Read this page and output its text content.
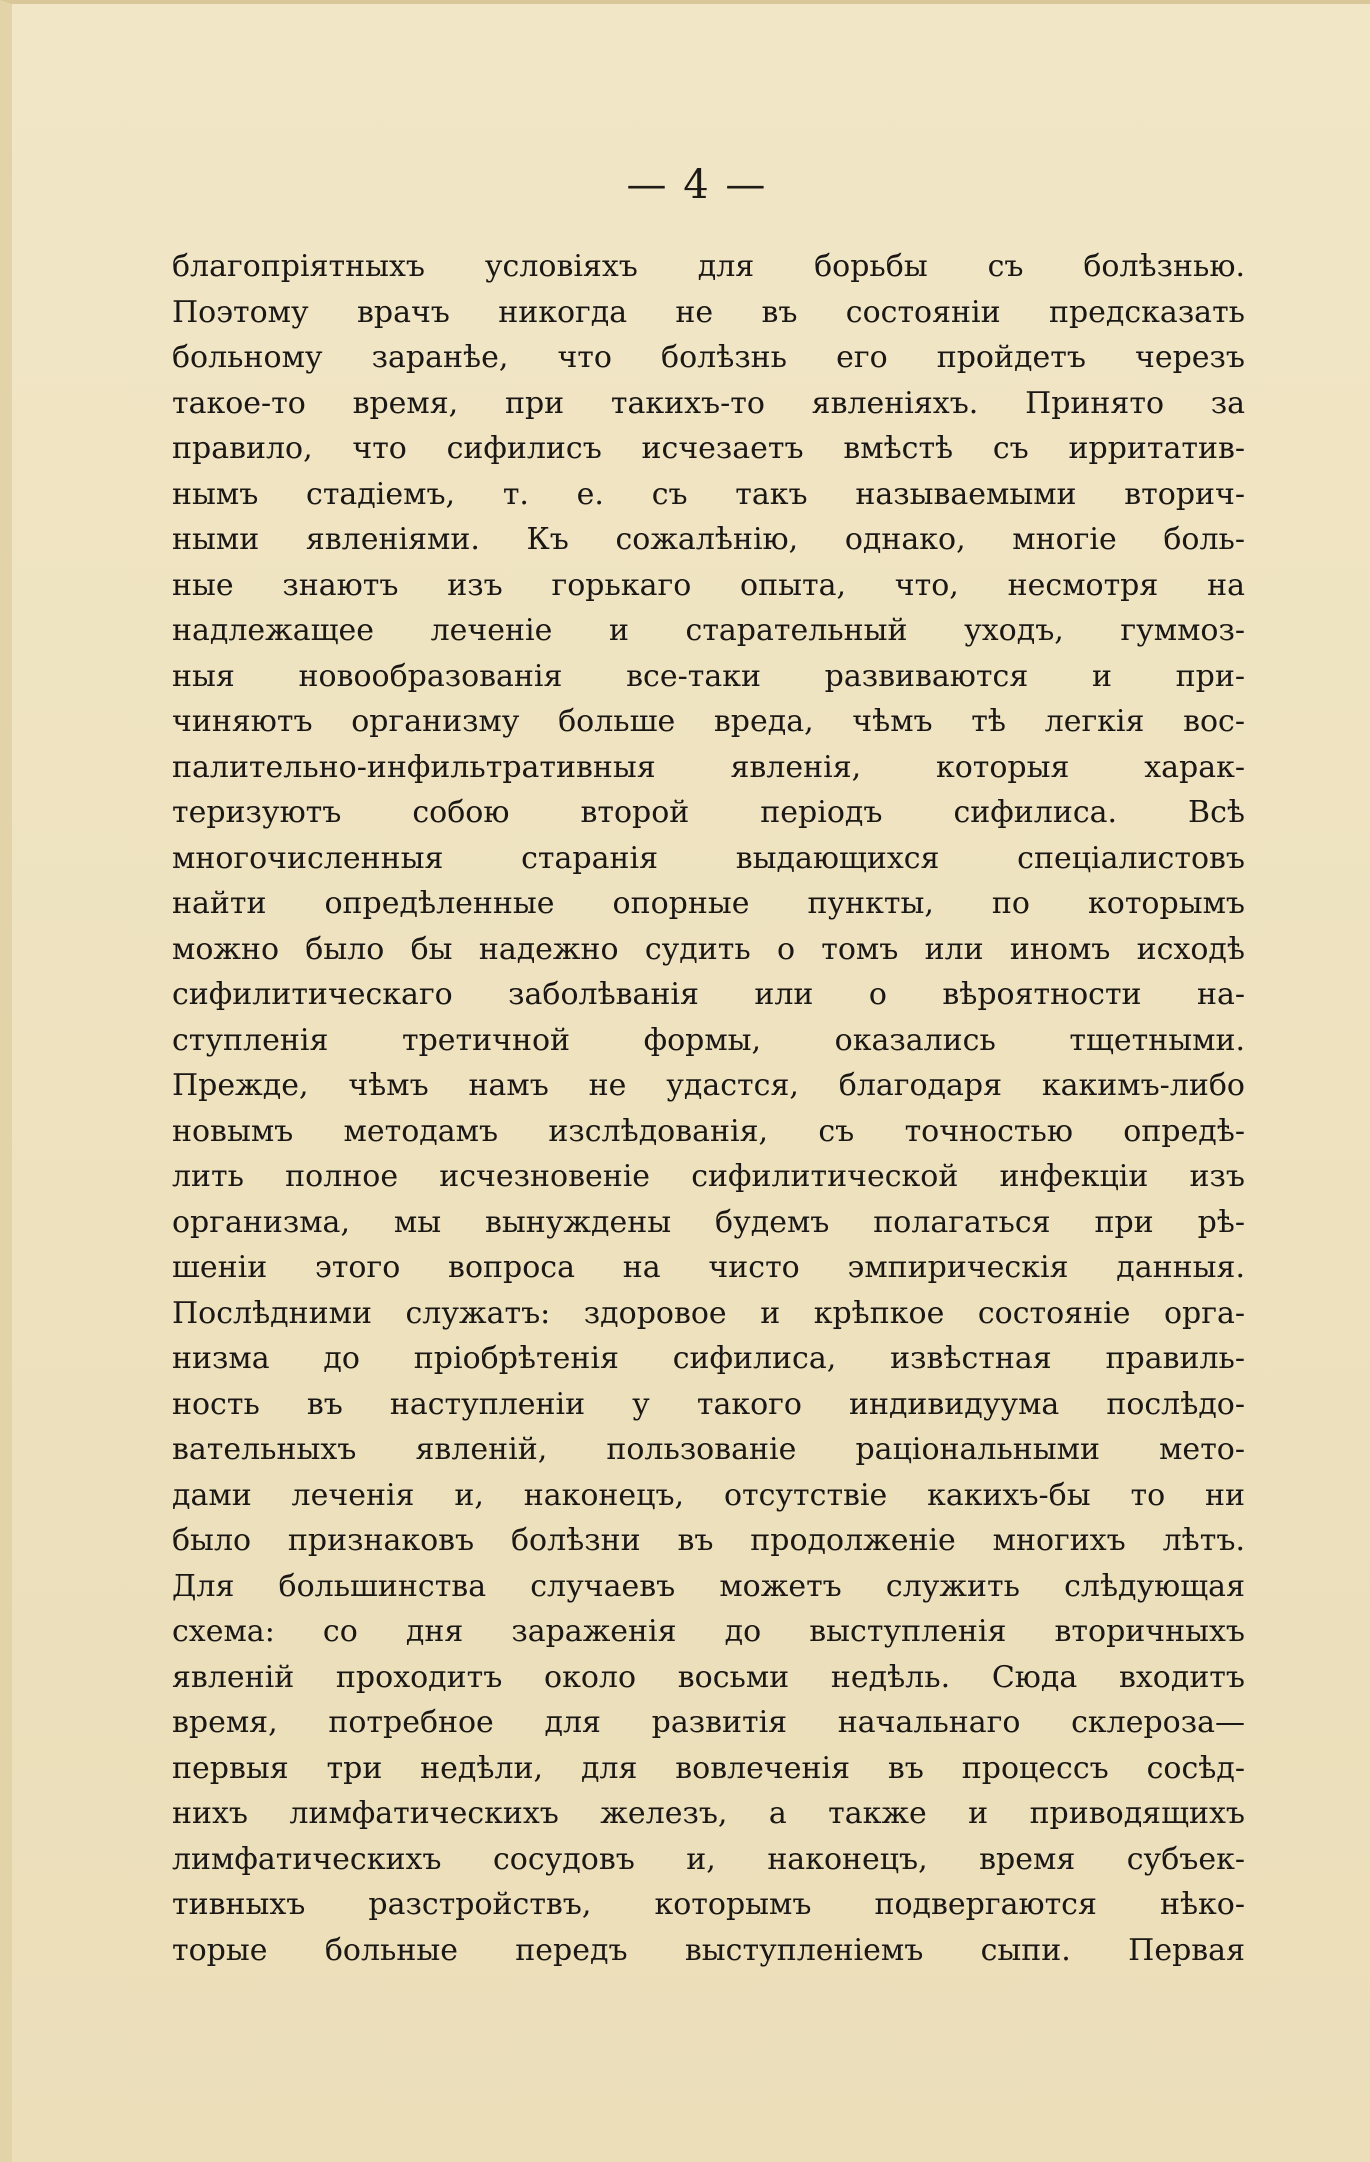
— 4 —
благопріятныхъ условіяхъ для борьбы съ болѣзнью.
Поэтому врачъ никогда не въ состояніи предсказать
больному заранѣе, что болѣзнь его пройдетъ черезъ
такое-то время, при такихъ-то явленіяхъ. Принято за
правило, что сифилисъ исчезаетъ вмѣстѣ съ ирритатив-
нымъ стадіемъ, т. е. съ такъ называемыми вторич-
ными явленіями. Къ сожалѣнію, однако, многіе боль-
ные знаютъ изъ горькаго опыта, что, несмотря на
надлежащее леченіе и старательный уходъ, гуммоз-
ныя новообразованія все-таки развиваются и при-
чиняютъ организму больше вреда, чѣмъ тѣ легкія вос-
палительно-инфильтративныя явленія, которыя харак-
теризуютъ собою второй періодъ сифилиса. Всѣ
многочисленныя старанія выдающихся спеціалистовъ
найти опредѣленные опорные пункты, по которымъ
можно было бы надежно судить о томъ или иномъ исходѣ
сифилитическаго заболѣванія или о вѣроятности на-
ступленія третичной формы, оказались тщетными.
Прежде, чѣмъ намъ не удастся, благодаря какимъ-либо
новымъ методамъ изслѣдованія, съ точностью опредѣ-
лить полное исчезновеніе сифилитической инфекціи изъ
организма, мы вынуждены будемъ полагаться при рѣ-
шеніи этого вопроса на чисто эмпирическія данныя.
Послѣдними служатъ: здоровое и крѣпкое состояніе орга-
низма до пріобрѣтенія сифилиса, извѣстная правиль-
ность въ наступленіи у такого индивидуума послѣдо-
вательныхъ явленій, пользованіе раціональными мето-
дами леченія и, наконецъ, отсутствіе какихъ-бы то ни
было признаковъ болѣзни въ продолженіе многихъ лѣтъ.
Для большинства случаевъ можетъ служить слѣдующая
схема: со дня зараженія до выступленія вторичныхъ
явленій проходитъ около восьми недѣль. Сюда входитъ
время, потребное для развитія начальнаго склероза—
первыя три недѣли, для вовлеченія въ процессъ сосѣд-
нихъ лимфатическихъ железъ, а также и приводящихъ
лимфатическихъ сосудовъ и, наконецъ, время субъек-
тивныхъ разстройствъ, которымъ подвергаются нѣко-
торые больные передъ выступленіемъ сыпи. Первая
